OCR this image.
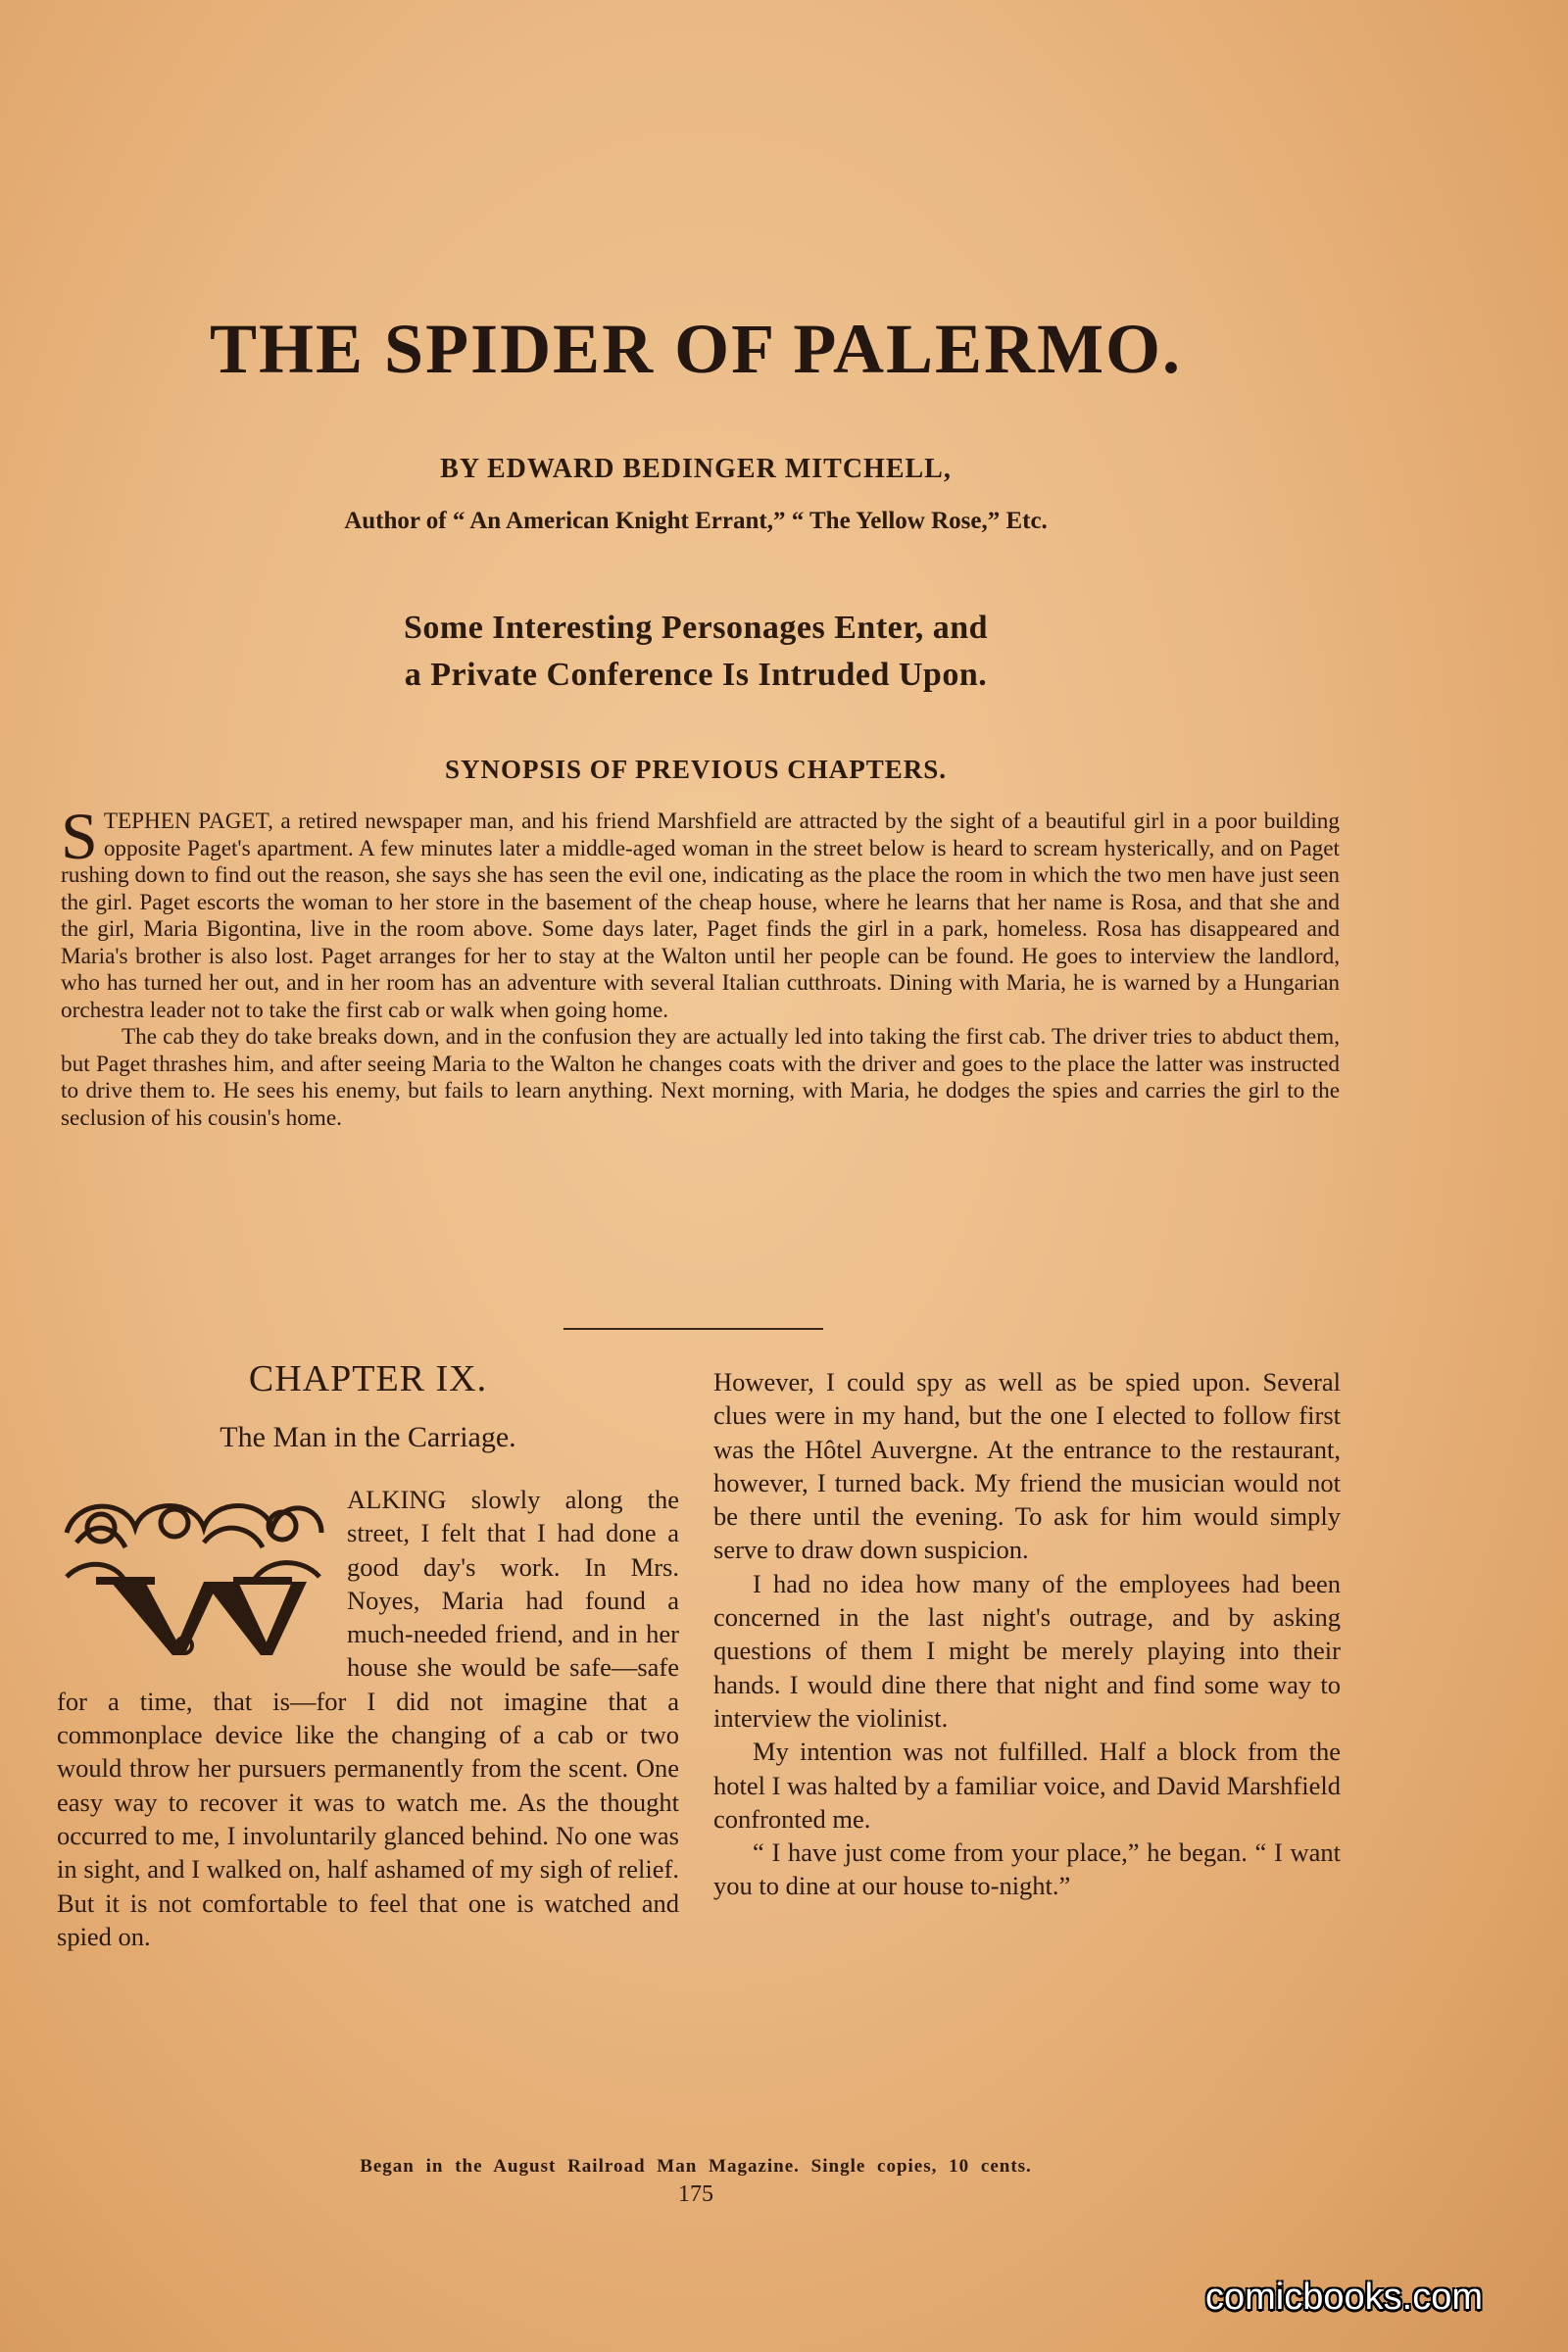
THE SPIDER OF PALERMO.
BY EDWARD BEDINGER MITCHELL,
Author of “ An American Knight Errant,” “ The Yellow Rose,” Etc.
Some Interesting Personages Enter, and
a Private Conference Is Intruded Upon.
SYNOPSIS OF PREVIOUS CHAPTERS.

STEPHEN PAGET, a retired newspaper man, and his friend Marshfield are attracted by the sight of a beautiful girl in a poor building opposite Paget's apartment. A few minutes later a middle-aged woman in the street below is heard to scream hysterically, and on Paget rushing down to find out the reason, she says she has seen the evil one, indicating as the place the room in which the two men have just seen the girl. Paget escorts the woman to her store in the basement of the cheap house, where he learns that her name is Rosa, and that she and the girl, Maria Bigontina, live in the room above. Some days later, Paget finds the girl in a park, homeless. Rosa has disappeared and Maria's brother is also lost. Paget arranges for her to stay at the Walton until her people can be found. He goes to interview the landlord, who has turned her out, and in her room has an adventure with several Italian cutthroats. Dining with Maria, he is warned by a Hungarian orchestra leader not to take the first cab or walk when going home.

The cab they do take breaks down, and in the confusion they are actually led into taking the first cab. The driver tries to abduct them, but Paget thrashes him, and after seeing Maria to the Walton he changes coats with the driver and goes to the place the latter was instructed to drive them to. He sees his enemy, but fails to learn anything. Next morning, with Maria, he dodges the spies and carries the girl to the seclusion of his cousin's home.

CHAPTER IX.
The Man in the Carriage.

ALKING slowly along the street, I felt that I had done a good day's work. In Mrs. Noyes, Maria had found a much-needed friend, and in her house she would be safe—safe for a time, that is—for I did not imagine that a commonplace device like the changing of a cab or two would throw her pursuers permanently from the scent. One easy way to recover it was to watch me. As the thought occurred to me, I involuntarily glanced behind. No one was in sight, and I walked on, half ashamed of my sigh of relief. But it is not comfortable to feel that one is watched and spied on.

However, I could spy as well as be spied upon. Several clues were in my hand, but the one I elected to follow first was the Hôtel Auvergne. At the entrance to the restaurant, however, I turned back. My friend the musician would not be there until the evening. To ask for him would simply serve to draw down suspicion.

I had no idea how many of the employees had been concerned in the last night's outrage, and by asking questions of them I might be merely playing into their hands. I would dine there that night and find some way to interview the violinist.

My intention was not fulfilled. Half a block from the hotel I was halted by a familiar voice, and David Marshfield confronted me.

“ I have just come from your place,” he began. “ I want you to dine at our house to-night.”

Began in the August Railroad Man Magazine. Single copies, 10 cents.
175
comicbooks.com
